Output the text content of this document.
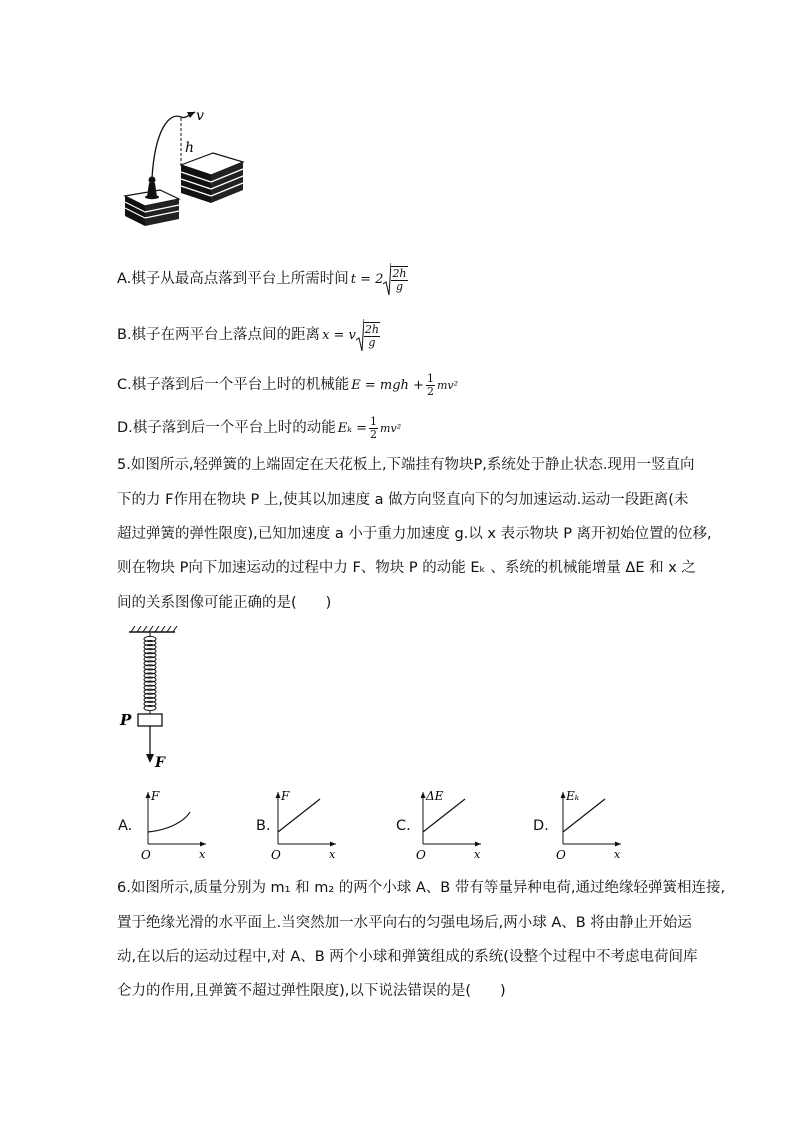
v
h
A.棋子从最高点落到平台上所需时间 $t = 2 \frac{2h}{g}$
B.棋子在两平台上落点间的距离 x = v $\frac{2h}{g}$
C.棋子落到后一个平台上时的机械能 E = mgh + $\frac{1}{2} mv^2$
D.棋子落到后一个平台上时的动能 $E_k = \frac{1}{2} mv^2$
5.如图所示,轻弹簧的上端固定在天花板上,下端挂有物块P,系统处于静止状态.现用一竖直向
下的力 F作用在物块 P 上,使其以加速度 a 做方向竖直向下的匀加速运动.运动一段距离(未
超过弹簧的弹性限度),已知加速度 a 小于重力加速度 g.以 x 表示物块 P 离开初始位置的位移,
则在物块 P向下加速运动的过程中力 F、物块 P 的动能 Eₖ 、系统的机械能增量 ΔE 和 x 之
间的关系图像可能正确的是(　　)
P
F
A.	B.	C.	D.
F
x
O
F
x
O
ΔE
x
O
Eₖ
x
O
6.如图所示,质量分别为 m₁ 和 m₂ 的两个小球 A、B 带有等量异种电荷,通过绝缘轻弹簧相连接,
置于绝缘光滑的水平面上.当突然加一水平向右的匀强电场后,两小球 A、B 将由静止开始运
动,在以后的运动过程中,对 A、B 两个小球和弹簧组成的系统(设整个过程中不考虑电荷间库
仑力的作用,且弹簧不超过弹性限度),以下说法错误的是(　　)
